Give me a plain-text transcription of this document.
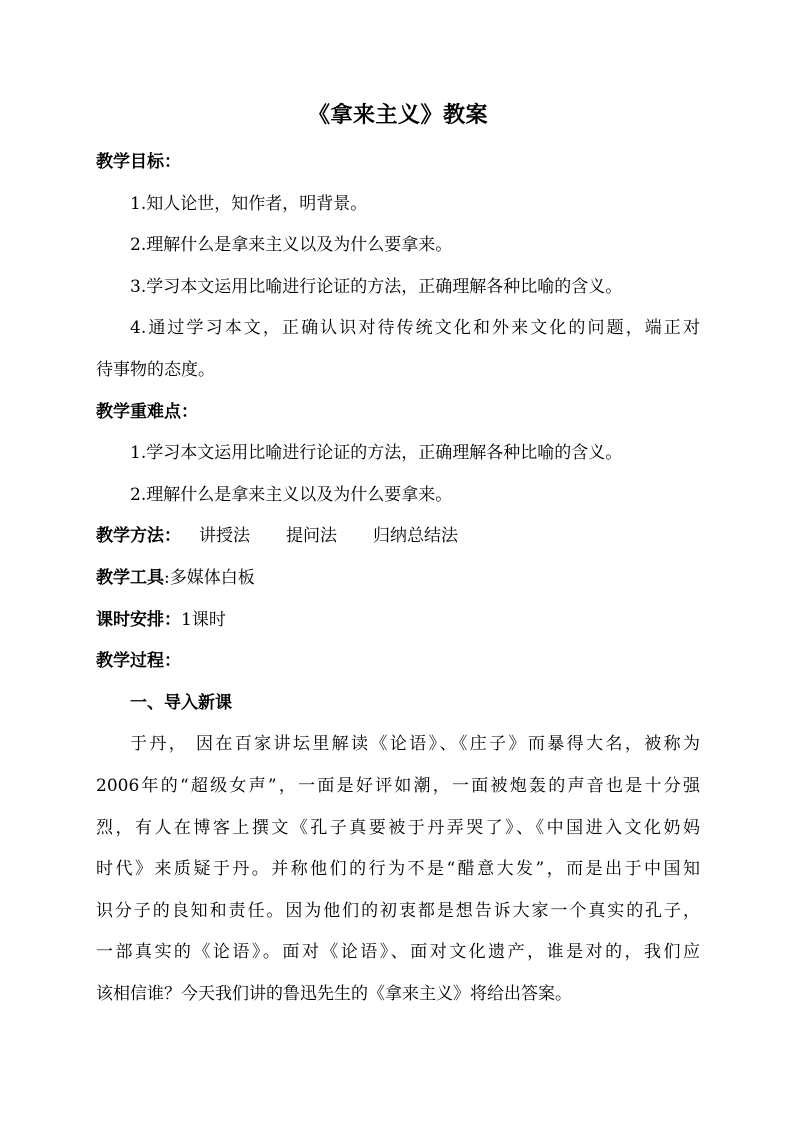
《拿来主义》教案
教学目标：
1.知人论世，知作者，明背景。
2.理解什么是拿来主义以及为什么要拿来。
3.学习本文运用比喻进行论证的方法，正确理解各种比喻的含义。
4.通过学习本文，正确认识对待传统文化和外来文化的问题，端正对
待事物的态度。
教学重难点：
1.学习本文运用比喻进行论证的方法，正确理解各种比喻的含义。
2.理解什么是拿来主义以及为什么要拿来。
教学方法： 讲授法 提问法 归纳总结法
教学工具:多媒体白板
课时安排：1课时
教学过程：
一、导入新课
于丹， 因在百家讲坛里解读《论语》、《庄子》而暴得大名，被称为
2006年的“超级女声”，一面是好评如潮，一面被炮轰的声音也是十分强
烈，有人在博客上撰文《孔子真要被于丹弄哭了》、《中国进入文化奶妈
时代》来质疑于丹。并称他们的行为不是“醋意大发”，而是出于中国知
识分子的良知和责任。因为他们的初衷都是想告诉大家一个真实的孔子，
一部真实的《论语》。面对《论语》、面对文化遗产，谁是对的，我们应
该相信谁？今天我们讲的鲁迅先生的《拿来主义》将给出答案。
